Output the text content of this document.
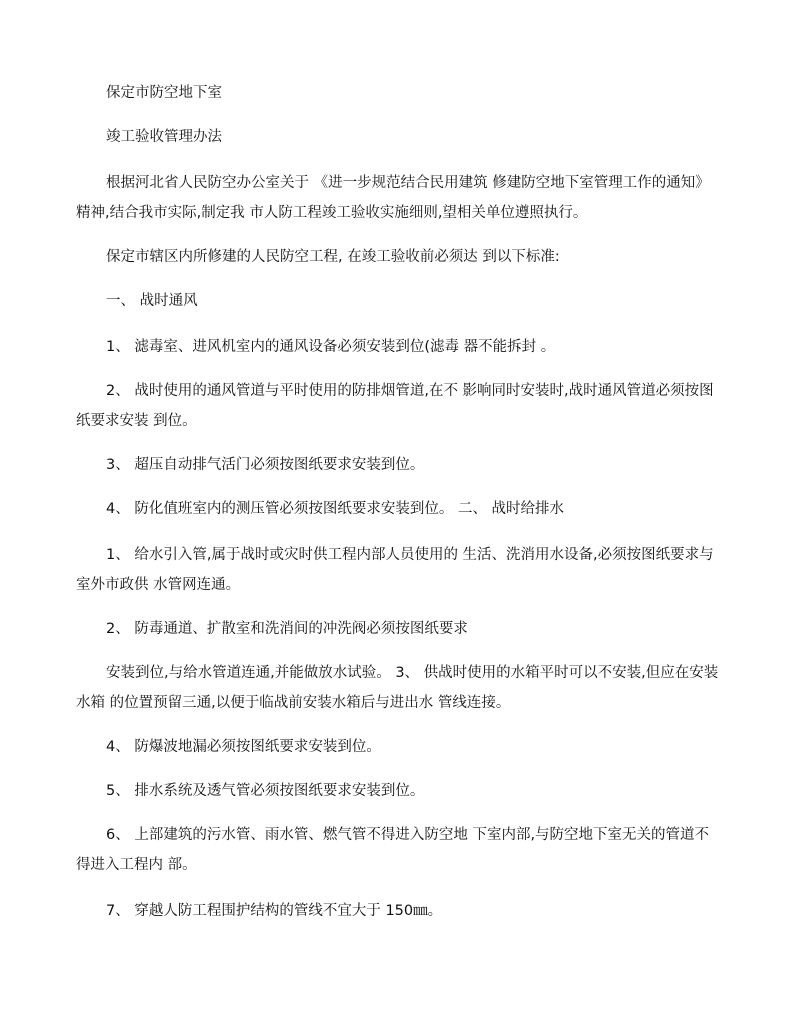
保定市防空地下室

竣工验收管理办法

根据河北省人民防空办公室关于 《进一步规范结合民用建筑 修建防空地下室管理工作的通知》精神,结合我市实际,制定我 市人防工程竣工验收实施细则,望相关单位遵照执行。

保定市辖区内所修建的人民防空工程, 在竣工验收前必须达 到以下标准:

一、 战时通风

1、 滤毒室、进风机室内的通风设备必须安装到位(滤毒 器不能拆封 。

2、 战时使用的通风管道与平时使用的防排烟管道,在不 影响同时安装时,战时通风管道必须按图纸要求安装 到位。

3、 超压自动排气活门必须按图纸要求安装到位。

4、 防化值班室内的测压管必须按图纸要求安装到位。 二、 战时给排水

1、 给水引入管,属于战时或灾时供工程内部人员使用的 生活、洗消用水设备,必须按图纸要求与室外市政供 水管网连通。

2、 防毒通道、扩散室和洗消间的冲洗阀必须按图纸要求

安装到位,与给水管道连通,并能做放水试验。 3、 供战时使用的水箱平时可以不安装,但应在安装水箱 的位置预留三通,以便于临战前安装水箱后与进出水 管线连接。

4、 防爆波地漏必须按图纸要求安装到位。

5、 排水系统及透气管必须按图纸要求安装到位。

6、 上部建筑的污水管、雨水管、燃气管不得进入防空地 下室内部,与防空地下室无关的管道不得进入工程内 部。

7、 穿越人防工程围护结构的管线不宜大于 150㎜。
